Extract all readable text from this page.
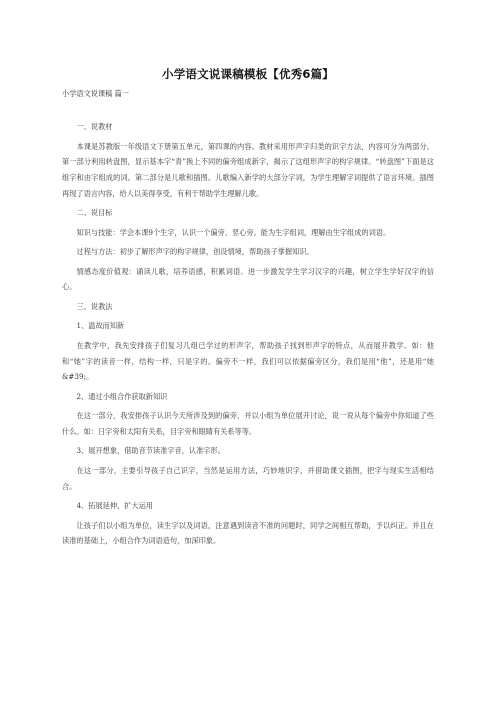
小学语文说课稿模板【优秀6篇】
小学语文说课稿 篇一
一、说教材
本课是苏教版一年级语文下册第五单元，第四课的内容。教材采用形声字归类的识字方法，内容可分为两部分。第一部分利用转盘图，显示基本字“青”换上不同的偏旁组成新字，揭示了这组形声字的构字规律。“转盘图”下面是这组字和由字组成的词。第二部分是儿歌和插图。儿歌编入新学的大部分字词，为学生理解字词提供了语言环境。插图再现了语言内容，给人以美得享受，有利于帮助学生理解儿歌。
二、说目标
知识与技能：学会本课9个生字，认识一个偏旁，竖心旁。能为生字组词，理解由生字组成的词语。
过程与方法：初步了解形声字的构字规律，创设情境，帮助孩子掌握知识。
情感态度价值观：诵读儿歌，培养语感，积累词语。进一步激发学生学习汉字的兴趣，树立学生学好汉字的信心。
三、说教法
1、温故而知新
在教学中，我先安排孩子们复习几组已学过的形声字，帮助孩子找到形声字的特点，从而展开教学。如：他和“她”字的读音一样，结构一样，只是字的。偏旁不一样，我们可以依据偏旁区分，我们是用“他”，还是用“她&#39;。
2、通过小组合作获取新知识
在这一部分，我安排孩子认识今天所涉及到的偏旁，并以小组为单位展开讨论，说一说从每个偏旁中你知道了些什么。如：日字旁和太阳有关系，目字旁和眼睛有关系等等。
3、展开想象，借助音节读准字音，认准字形。
在这一部分，主要引导孩子自己识字，当然是运用方法，巧妙地识字，并借助课文插图，把字与现实生活相结合。
4、拓展延伸，扩大运用
让孩子们以小组为单位，读生字以及词语，注意遇到读音不准的问题时，同学之间相互帮助，予以纠正。并且在读准的基础上，小组合作为词语造句，加深印象。
